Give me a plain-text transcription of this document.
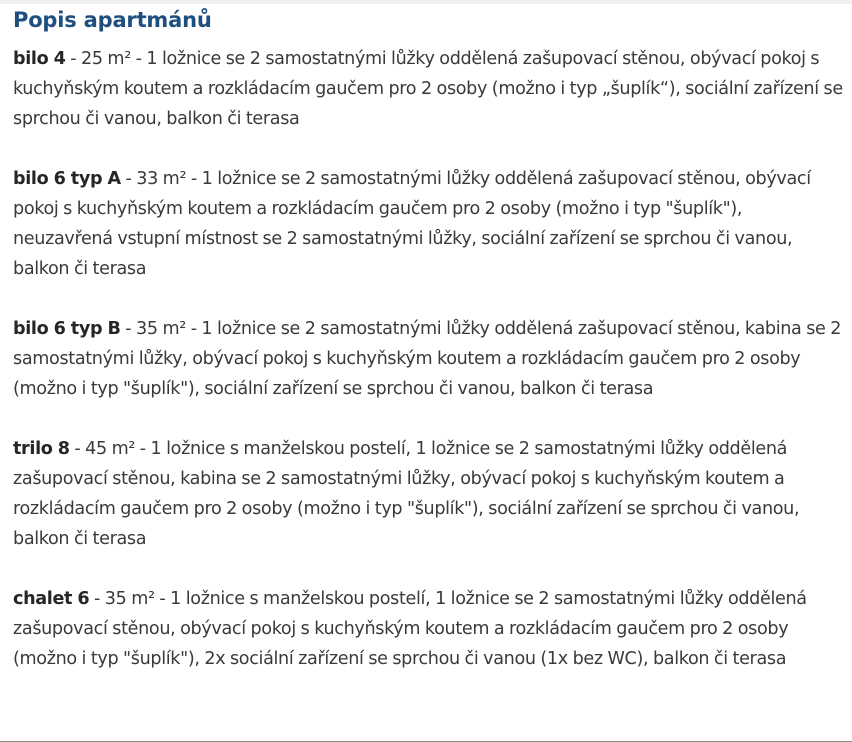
Popis apartmánů

bilo 4 - 25 m² - 1 ložnice se 2 samostatnými lůžky oddělená zašupovací stěnou, obývací pokoj s kuchyňským koutem a rozkládacím gaučem pro 2 osoby (možno i typ „šuplík“), sociální zařízení se sprchou či vanou, balkon či terasa

bilo 6 typ A - 33 m² - 1 ložnice se 2 samostatnými lůžky oddělená zašupovací stěnou, obývací pokoj s kuchyňským koutem a rozkládacím gaučem pro 2 osoby (možno i typ "šuplík"), neuzavřená vstupní místnost se 2 samostatnými lůžky, sociální zařízení se sprchou či vanou, balkon či terasa

bilo 6 typ B - 35 m² - 1 ložnice se 2 samostatnými lůžky oddělená zašupovací stěnou, kabina se 2 samostatnými lůžky, obývací pokoj s kuchyňským koutem a rozkládacím gaučem pro 2 osoby (možno i typ "šuplík"), sociální zařízení se sprchou či vanou, balkon či terasa

trilo 8 - 45 m² - 1 ložnice s manželskou postelí, 1 ložnice se 2 samostatnými lůžky oddělená zašupovací stěnou, kabina se 2 samostatnými lůžky, obývací pokoj s kuchyňským koutem a rozkládacím gaučem pro 2 osoby (možno i typ "šuplík"), sociální zařízení se sprchou či vanou, balkon či terasa

chalet 6 - 35 m² - 1 ložnice s manželskou postelí, 1 ložnice se 2 samostatnými lůžky oddělená zašupovací stěnou, obývací pokoj s kuchyňským koutem a rozkládacím gaučem pro 2 osoby (možno i typ "šuplík"), 2x sociální zařízení se sprchou či vanou (1x bez WC), balkon či terasa
